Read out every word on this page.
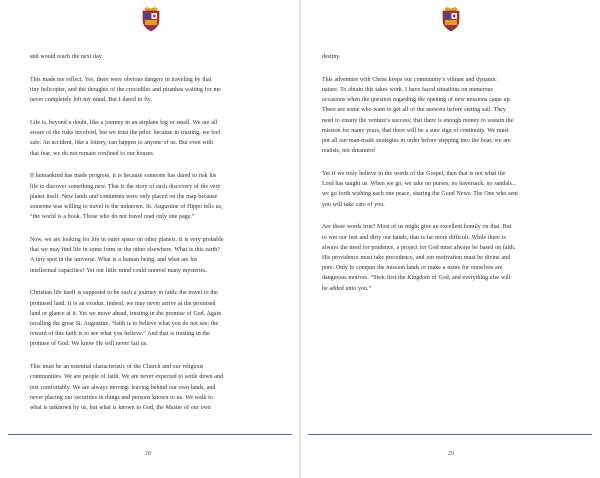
and would reach the next day.

This made me reflect. Yes, there were obvious dangers in traveling by that
tiny helicopter, and the thoughts of the crocodiles and piranhas waiting for me
never completely left my mind. But I dared to fly.

Life is, beyond a doubt, like a journey in an airplane big or small. We are all
aware of the risks involved, but we trust the pilot: because in trusting, we feel
safe. An accident, like a lottery, can happen to anyone of us. But even with
that fear, we do not remain confined to our houses.

If humankind has made progress, it is because someone has dared to risk his
life to discover something new. That is the story of each discovery of the very
planet itself. New lands and continents were only placed on the map because
someone was willing to travel to the unknown. St. Augustine of Hippo tells us,
“the world is a book. Those who do not travel read only one page.”

Now, we are looking for life in outer space on other planets. It is very probable
that we may find life in some form or the other elsewhere. What is this earth?
A tiny spot in the universe. What is a human being, and what are his
intellectual capacities? Yet our little mind could unravel many mysteries.

Christian life itself is supposed to be such a journey in faith: the travel to the
promised land. It is an exodus. Indeed, we may never arrive at the promised
land or glance at it. Yet we move ahead, trusting in the promise of God. Again
recalling the great St. Augustine, “faith is to believe what you do not see; the
reward of this faith is to see what you believe.” And that is trusting in the
promise of God. We know He will never fail us.

This must be an essential characteristic of the Church and our religious
communities. We are people of faith. We are never expected to settle down and
rest comfortably. We are always moving: leaving behind our own lands, and
never placing our securities in things and persons known to us. We walk to
what is unknown by us, but what is known to God, the Master of our own

28

destiny.

This adventure with Christ keeps our community’s vibrant and dynamic
nature. To obtain this takes work. I have faced situations on numerous
occasions when the question regarding the opening of new missions came up.
There are some who want to get all of the answers before setting sail. They
need to ensure the venture’s success; that there is enough money to sustain the
mission for many years, that there will be a sure sign of continuity. We must
put all our man-made strategies in order before stepping into the boat; we are
realists, not dreamers!

Yet if we truly believe in the words of the Gospel, then that is not what the
Lord has taught us. When we go, we take no purses, no haversack, no sandals...
we go forth wishing each one peace, sharing the Good News. The One who sent
you will take care of you.

Are these words true? Most of us might give an excellent homily on that. But
to wet our feet and dirty our hands, that is far more difficult. While there is
always the need for prudence, a project for God must always be based on faith.
His providence must take precedence, and our motivation must be divine and
pure. Only to conquer the mission lands or make a name for ourselves are
dangerous motives. “Seek first the Kingdom of God, and everything else will
be added unto you.”

29
